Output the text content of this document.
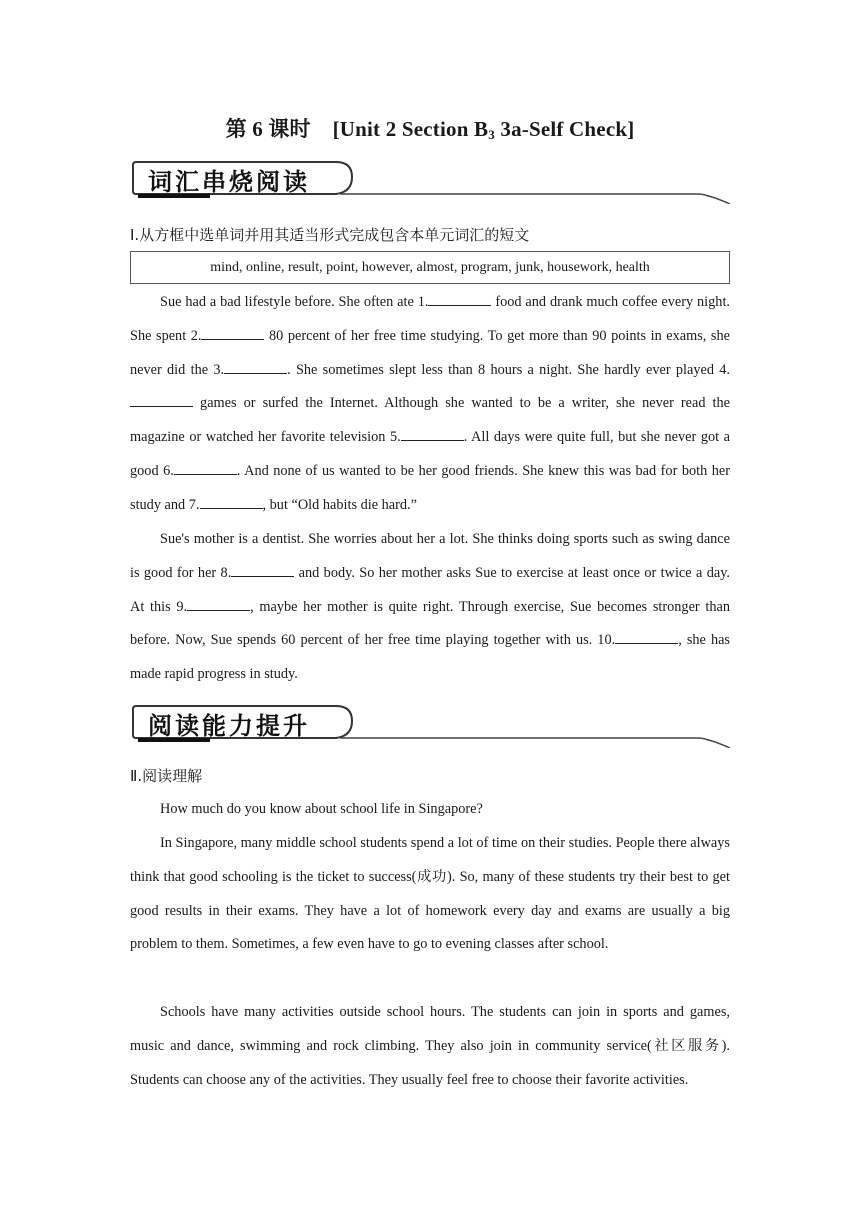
第 6 课时 [Unit 2 Section B3 3a-Self Check]
词汇串烧阅读
Ⅰ.从方框中选单词并用其适当形式完成包含本单元词汇的短文
mind, online, result, point, however, almost, program, junk, housework, health

Sue had a bad lifestyle before. She often ate 1.	food and drank much coffee every night. She spent 2.	80 percent of her free time studying. To get more than 90 points in exams, she never did the 3.	. She sometimes slept less than 8 hours a night. She hardly ever played 4. games or surfed the Internet. Although she wanted to be a writer, she never read the magazine or watched her favorite television 5.	. All days were quite full, but she never got a good 6.	. And none of us wanted to be her good friends. She knew this was bad for both her study and 7.	, but “Old habits die hard.”

Sue's mother is a dentist. She worries about her a lot. She thinks doing sports such as swing dance is good for her 8.	and body. So her mother asks Sue to exercise at least once or twice a day. At this 9.	, maybe her mother is quite right. Through exercise, Sue becomes stronger than before. Now, Sue spends 60 percent of her free time playing together with us. 10.	, she has made rapid progress in study.

阅读能力提升
Ⅱ.阅读理解

How much do you know about school life in Singapore?

In Singapore, many middle school students spend a lot of time on their studies. People there always think that good schooling is the ticket to success(成功). So, many of these students try their best to get good results in their exams. They have a lot of homework every day and exams are usually a big problem to them. Sometimes, a few even have to go to evening classes after school.

Schools have many activities outside school hours. The students can join in sports and games, music and dance, swimming and rock climbing. They also join in community service(社区服务). Students can choose any of the activities. They usually feel free to choose their favorite activities.
